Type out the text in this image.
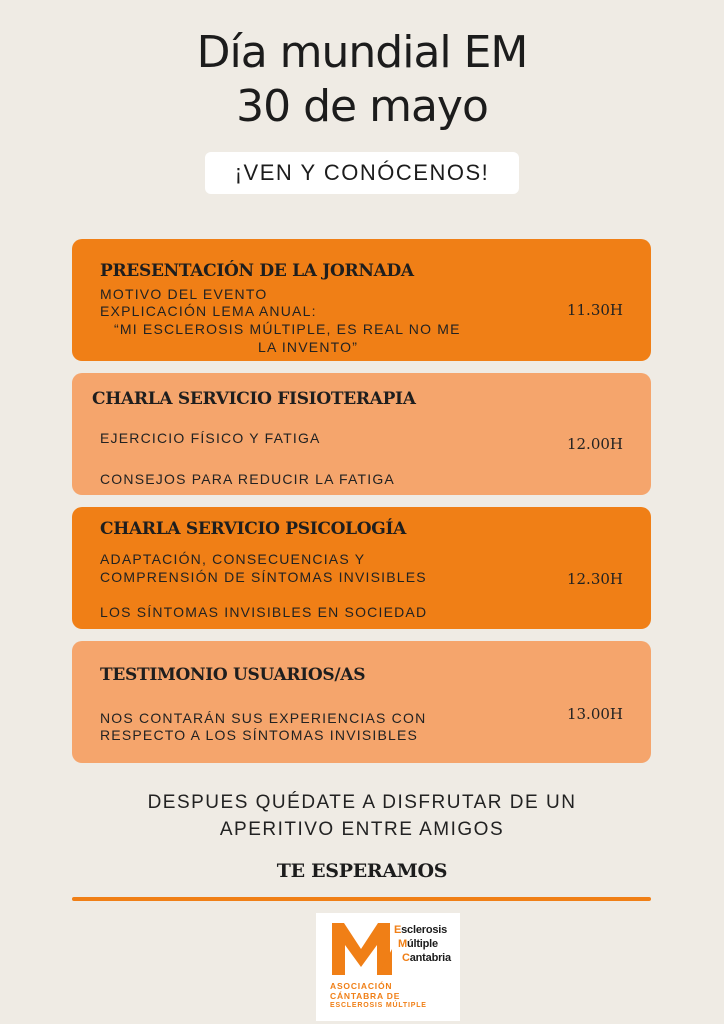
Día mundial EM
30 de mayo
¡VEN Y CONÓCENOS!
PRESENTACIÓN DE LA JORNADA
MOTIVO DEL EVENTO
EXPLICACIÓN LEMA ANUAL:
“MI ESCLEROSIS MÚLTIPLE, ES REAL NO ME
LA INVENTO”
11.30H
CHARLA SERVICIO FISIOTERAPIA
EJERCICIO FÍSICO Y FATIGA
CONSEJOS PARA REDUCIR LA FATIGA
12.00H
CHARLA SERVICIO PSICOLOGÍA
ADAPTACIÓN, CONSECUENCIAS Y
COMPRENSIÓN DE SÍNTOMAS INVISIBLES
LOS SÍNTOMAS INVISIBLES EN SOCIEDAD
12.30H
TESTIMONIO USUARIOS/AS
NOS CONTARÁN SUS EXPERIENCIAS CON
RESPECTO A LOS SÍNTOMAS INVISIBLES
13.00H
DESPUES QUÉDATE A DISFRUTAR DE UN
APERITIVO ENTRE AMIGOS
TE ESPERAMOS
Esclerosis
Múltiple
Cantabria
ASOCIACIÓN
CÁNTABRA DE
ESCLEROSIS MÚLTIPLE
